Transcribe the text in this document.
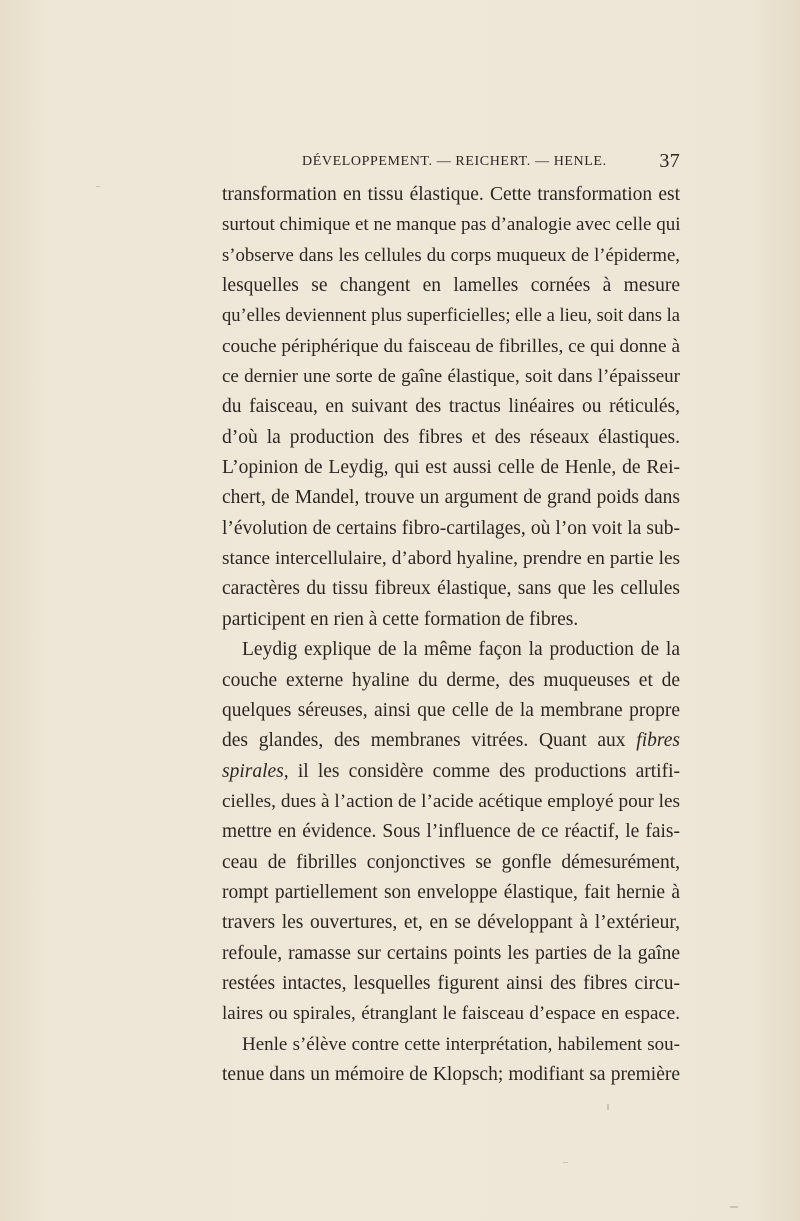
DÉVELOPPEMENT. — REICHERT. — HENLE.	37
transformation en tissu élastique. Cette transformation est
surtout chimique et ne manque pas d’analogie avec celle qui
s’observe dans les cellules du corps muqueux de l’épiderme,
lesquelles se changent en lamelles cornées à mesure
qu’elles deviennent plus superficielles; elle a lieu, soit dans la
couche périphérique du faisceau de fibrilles, ce qui donne à
ce dernier une sorte de gaîne élastique, soit dans l’épaisseur
du faisceau, en suivant des tractus linéaires ou réticulés,
d’où la production des fibres et des réseaux élastiques.
L’opinion de Leydig, qui est aussi celle de Henle, de Rei-
chert, de Mandel, trouve un argument de grand poids dans
l’évolution de certains fibro-cartilages, où l’on voit la sub-
stance intercellulaire, d’abord hyaline, prendre en partie les
caractères du tissu fibreux élastique, sans que les cellules
participent en rien à cette formation de fibres.
Leydig explique de la même façon la production de la
couche externe hyaline du derme, des muqueuses et de
quelques séreuses, ainsi que celle de la membrane propre
des glandes, des membranes vitrées. Quant aux fibres
spirales, il les considère comme des productions artifi-
cielles, dues à l’action de l’acide acétique employé pour les
mettre en évidence. Sous l’influence de ce réactif, le fais-
ceau de fibrilles conjonctives se gonfle démesurément,
rompt partiellement son enveloppe élastique, fait hernie à
travers les ouvertures, et, en se développant à l’extérieur,
refoule, ramasse sur certains points les parties de la gaîne
restées intactes, lesquelles figurent ainsi des fibres circu-
laires ou spirales, étranglant le faisceau d’espace en espace.
Henle s’élève contre cette interprétation, habilement sou-
tenue dans un mémoire de Klopsch; modifiant sa première
